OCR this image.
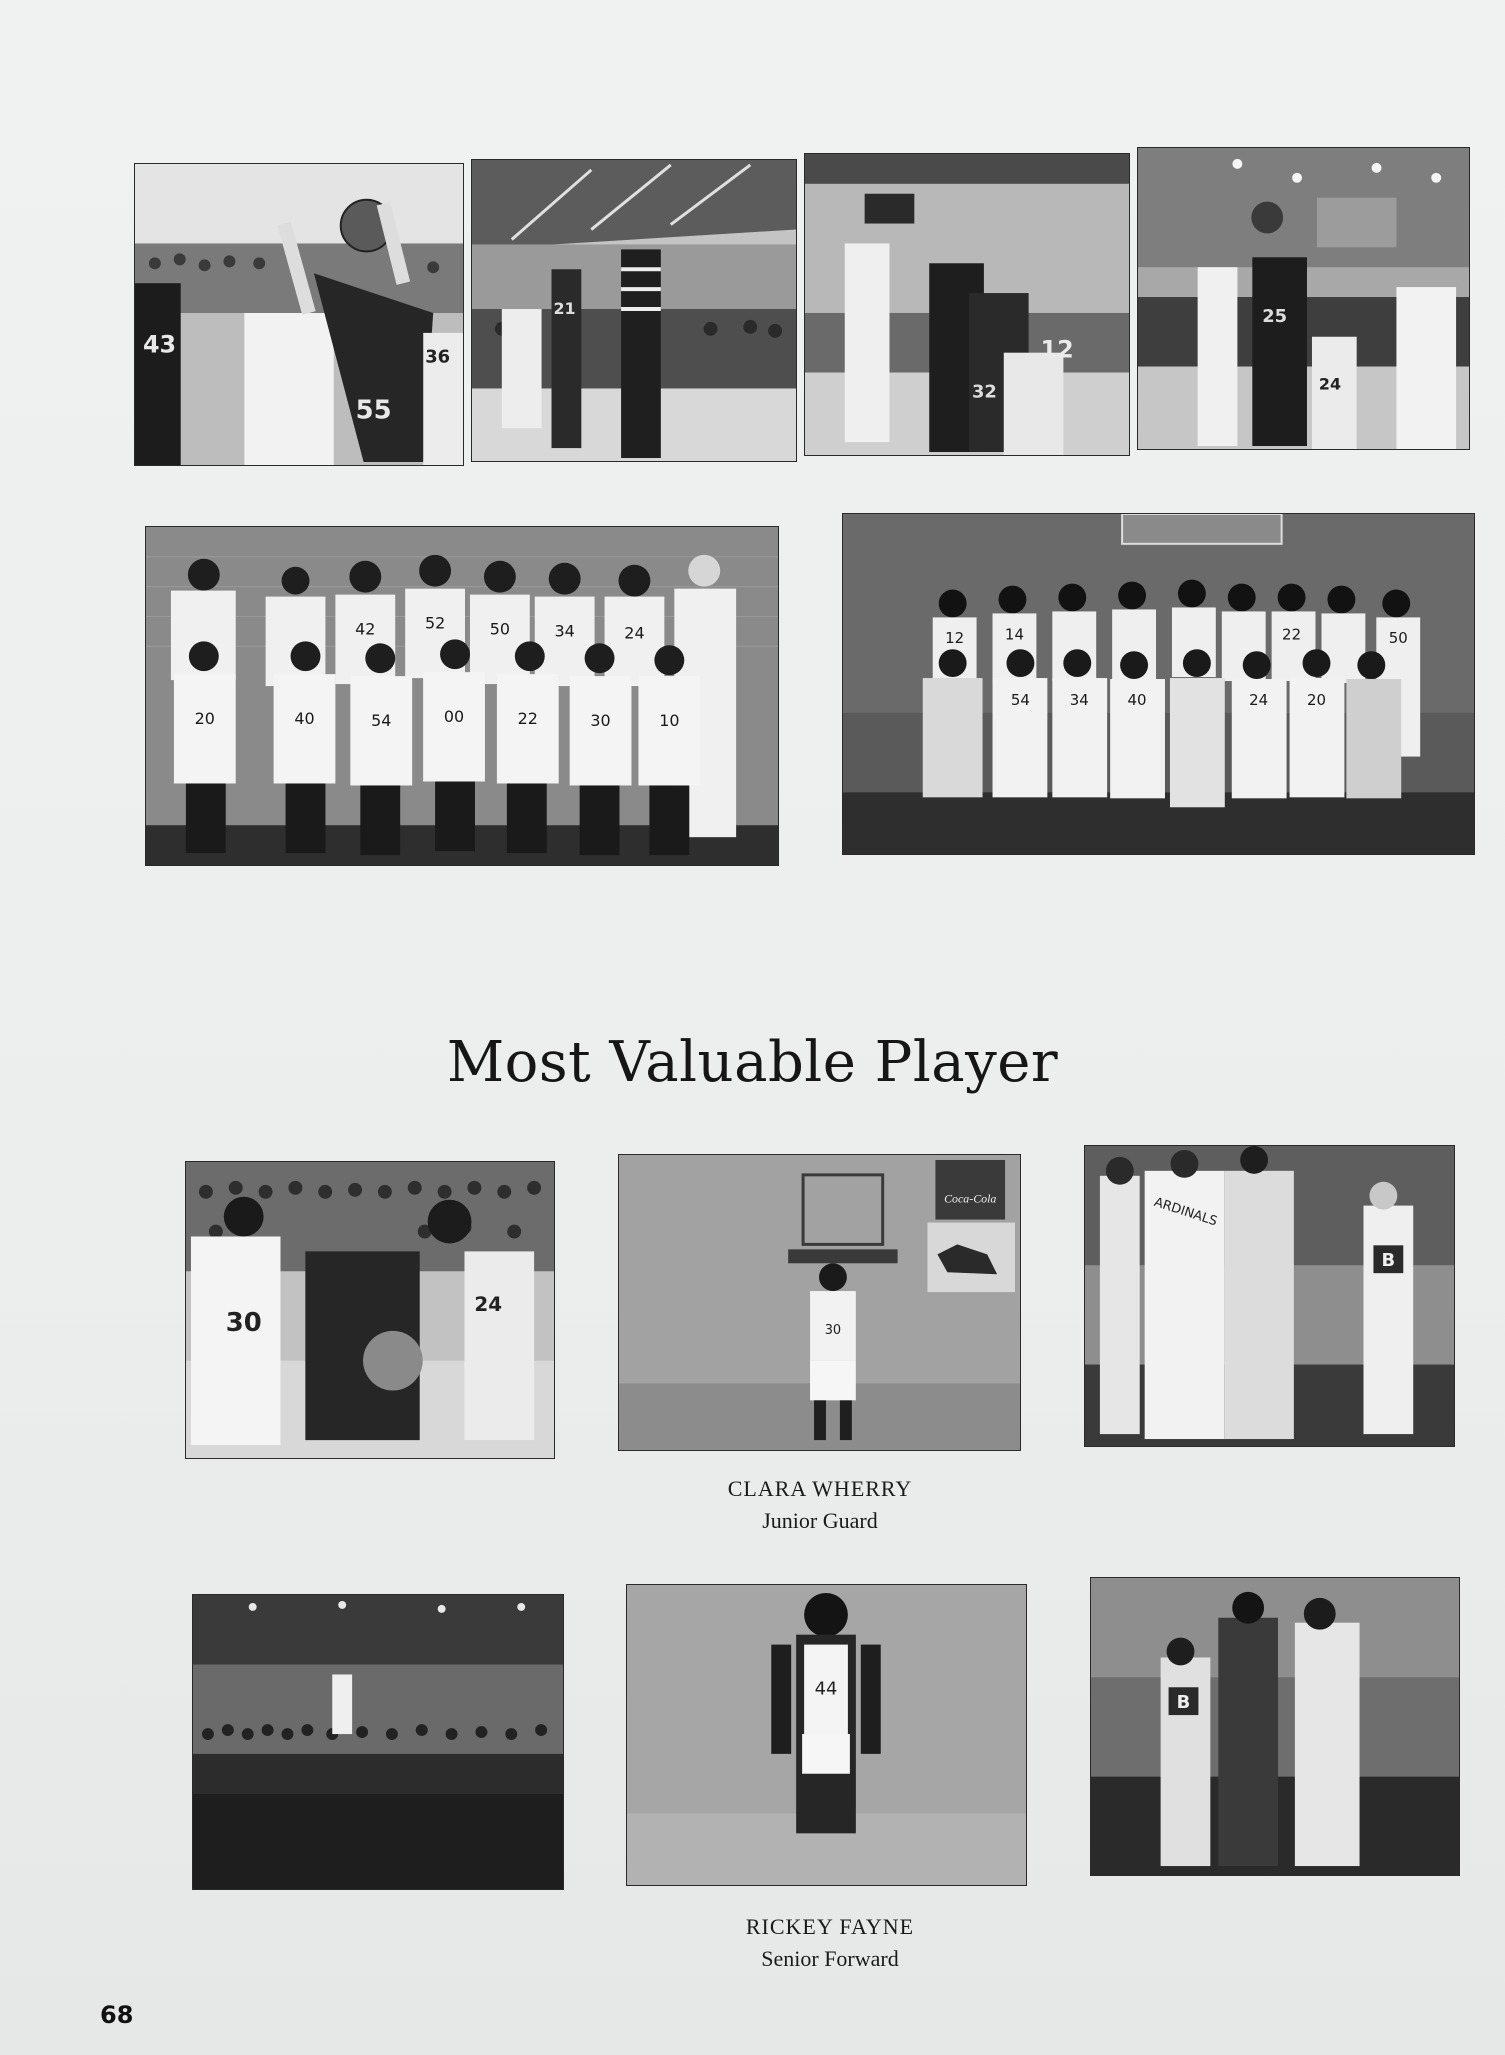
43
55
36
21
12
32
25
24
42	52	50	34	24
20	40	54	00	22	30	10
12	14	22	50
54	34	40	24	20
Most Valuable Player
30
24
Coca-Cola
30
ARDINALS
B
CLARA WHERRY
Junior Guard
44
B
RICKEY FAYNE
Senior Forward
68
